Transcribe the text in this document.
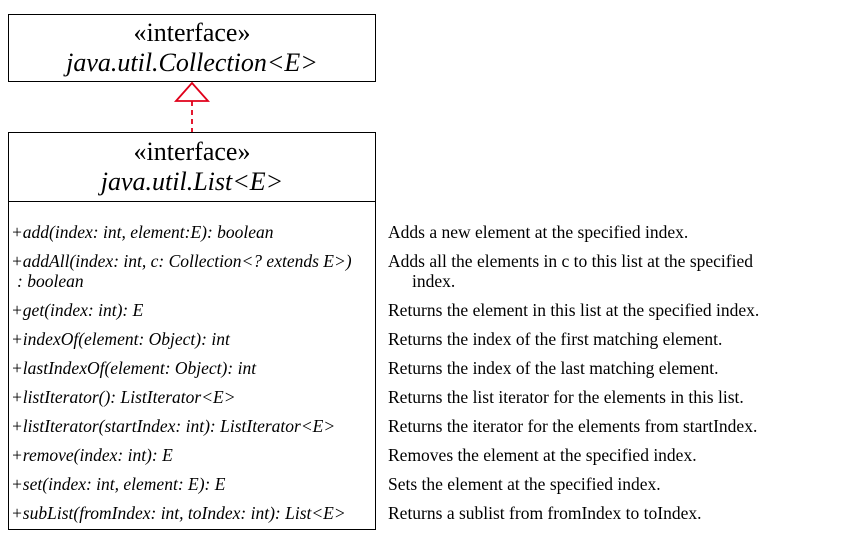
«interface»
java.util.Collection<E>
«interface»
java.util.List<E>
+add(index: int, element:E): boolean
+addAll(index: int, c: Collection<? extends E>)
: boolean
+get(index: int): E
+indexOf(element: Object): int
+lastIndexOf(element: Object): int
+listIterator(): ListIterator<E>
+listIterator(startIndex: int): ListIterator<E>
+remove(index: int): E
+set(index: int, element: E): E
+subList(fromIndex: int, toIndex: int): List<E>
Adds a new element at the specified index.
Adds all the elements in c to this list at the specified
index.
Returns the element in this list at the specified index.
Returns the index of the first matching element.
Returns the index of the last matching element.
Returns the list iterator for the elements in this list.
Returns the iterator for the elements from startIndex.
Removes the element at the specified index.
Sets the element at the specified index.
Returns a sublist from fromIndex to toIndex.
